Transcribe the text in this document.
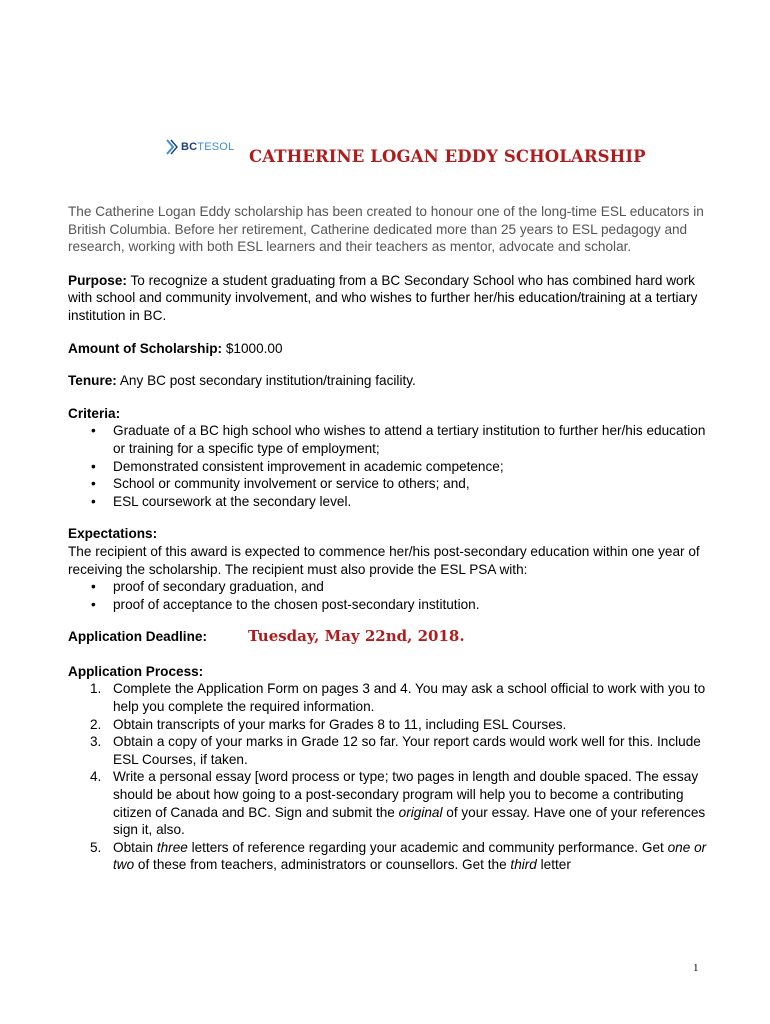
BCTESOL CATHERINE LOGAN EDDY SCHOLARSHIP

The Catherine Logan Eddy scholarship has been created to honour one of the long-time ESL educators in British Columbia. Before her retirement, Catherine dedicated more than 25 years to ESL pedagogy and research, working with both ESL learners and their teachers as mentor, advocate and scholar.

Purpose: To recognize a student graduating from a BC Secondary School who has combined hard work with school and community involvement, and who wishes to further her/his education/training at a tertiary institution in BC.

Amount of Scholarship: $1000.00

Tenure: Any BC post secondary institution/training facility.

Criteria:

• Graduate of a BC high school who wishes to attend a tertiary institution to further her/his education or training for a specific type of employment;
• Demonstrated consistent improvement in academic competence;
• School or community involvement or service to others; and,
• ESL coursework at the secondary level.

Expectations:

The recipient of this award is expected to commence her/his post-secondary education within one year of receiving the scholarship. The recipient must also provide the ESL PSA with:

• proof of secondary graduation, and
• proof of acceptance to the chosen post-secondary institution.
Application Deadline:	Tuesday, May 22nd, 2018.

Application Process:

1. Complete the Application Form on pages 3 and 4. You may ask a school official to work with you to help you complete the required information.
2. Obtain transcripts of your marks for Grades 8 to 11, including ESL Courses.
3. Obtain a copy of your marks in Grade 12 so far. Your report cards would work well for this. Include ESL Courses, if taken.
4. Write a personal essay [word process or type; two pages in length and double spaced. The essay should be about how going to a post-secondary program will help you to become a contributing citizen of Canada and BC. Sign and submit the original of your essay. Have one of your references sign it, also.
5. Obtain three letters of reference regarding your academic and community performance. Get one or two of these from teachers, administrators or counsellors. Get the third letter
1
